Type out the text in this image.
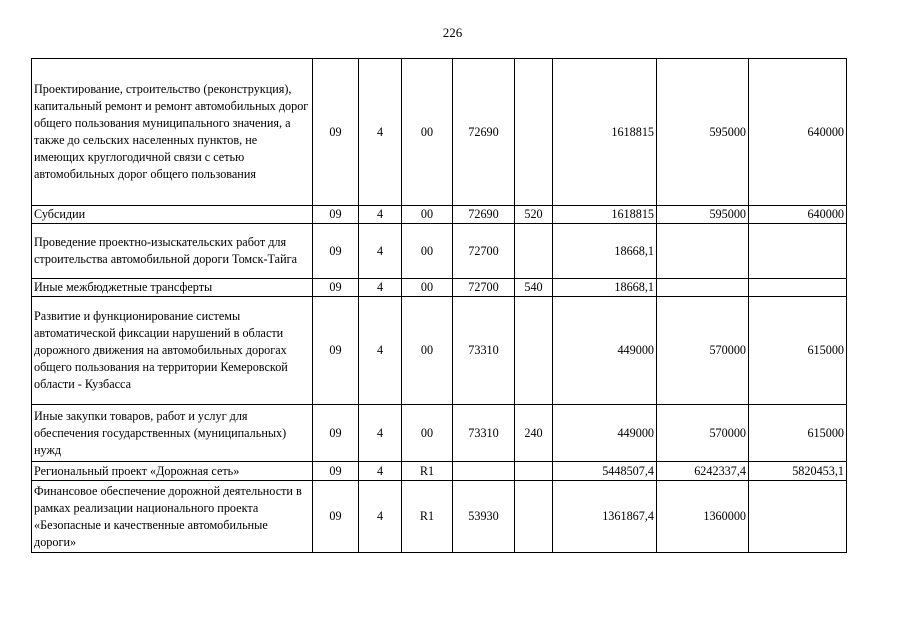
226
Проектирование, строительство (реконструкция), капитальный ремонт и ремонт автомобильных дорог общего пользования муниципального значения, а также до сельских населенных пунктов, не имеющих круглогодичной связи с сетью автомобильных дорог общего пользования	09	4	00	72690		1618815	595000	640000
Субсидии	09	4	00	72690	520	1618815	595000	640000
Проведение проектно-изыскательских работ для строительства автомобильной дороги Томск-Тайга	09	4	00	72700		18668,1		
Иные межбюджетные трансферты	09	4	00	72700	540	18668,1		
Развитие и функционирование системы автоматической фиксации нарушений в области дорожного движения на автомобильных дорогах общего пользования на территории Кемеровской области - Кузбасса	09	4	00	73310		449000	570000	615000
Иные закупки товаров, работ и услуг для обеспечения государственных (муниципальных) нужд	09	4	00	73310	240	449000	570000	615000
Региональный проект «Дорожная сеть»	09	4	R1			5448507,4	6242337,4	5820453,1
Финансовое обеспечение дорожной деятельности в рамках реализации национального проекта «Безопасные и качественные автомобильные дороги»	09	4	R1	53930		1361867,4	1360000	
